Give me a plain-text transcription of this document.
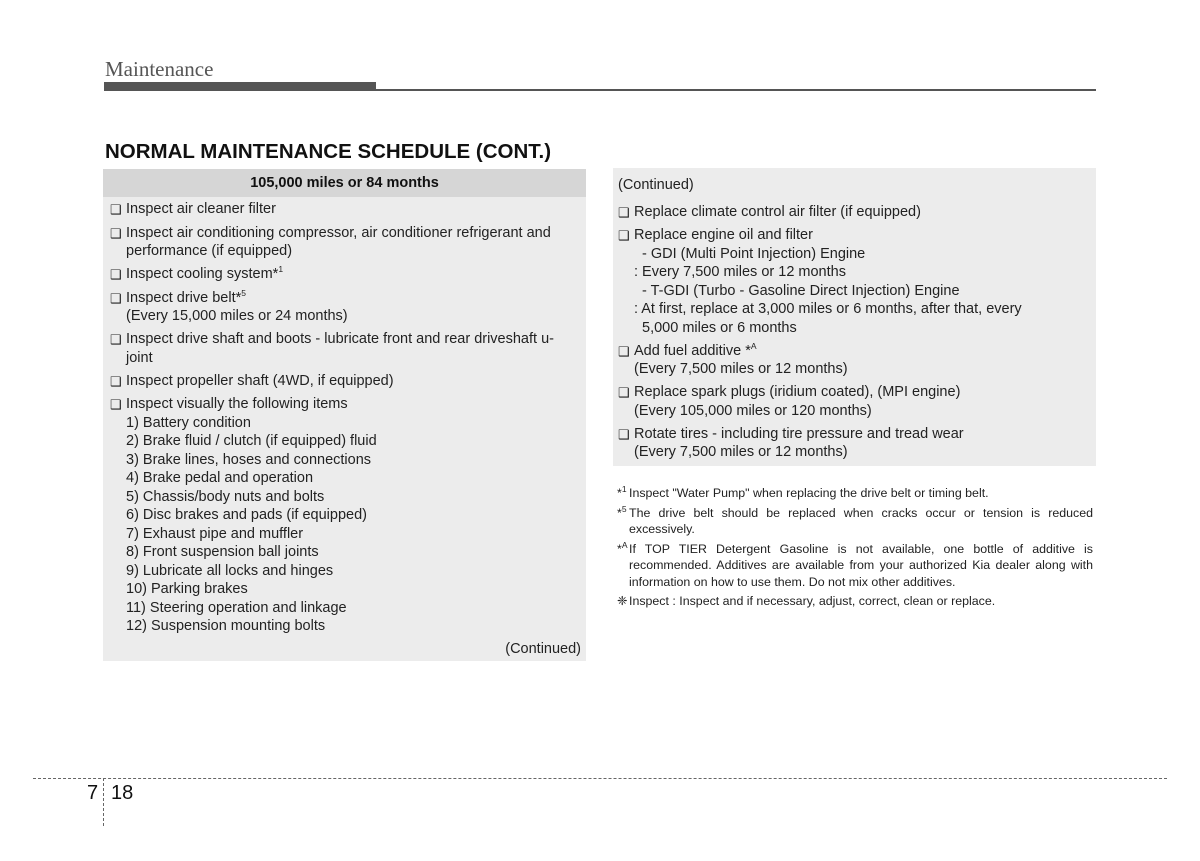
Maintenance
NORMAL MAINTENANCE SCHEDULE (CONT.)
105,000 miles or 84 months
❑ Inspect air cleaner filter
❑ Inspect air conditioning compressor, air conditioner refrigerant and performance (if equipped)
❑ Inspect cooling system*$^1$
❑ Inspect drive belt*$^5$
(Every 15,000 miles or 24 months)
❑ Inspect drive shaft and boots - lubricate front and rear driveshaft u-joint
❑ Inspect propeller shaft (4WD, if equipped)
❑ Inspect visually the following items
1) Battery condition
2) Brake fluid / clutch (if equipped) fluid
3) Brake lines, hoses and connections
4) Brake pedal and operation
5) Chassis/body nuts and bolts
6) Disc brakes and pads (if equipped)
7) Exhaust pipe and muffler
8) Front suspension ball joints
9) Lubricate all locks and hinges
10) Parking brakes
11) Steering operation and linkage
12) Suspension mounting bolts
(Continued)
(Continued)
❑ Replace climate control air filter (if equipped)
❑ Replace engine oil and filter
- GDI (Multi Point Injection) Engine
: Every 7,500 miles or 12 months
- T-GDI (Turbo - Gasoline Direct Injection) Engine
: At first, replace at 3,000 miles or 6 months, after that, every
5,000 miles or 6 months
❑ Add fuel additive *$^A$
(Every 7,500 miles or 12 months)
❑ Replace spark plugs (iridium coated), (MPI engine)
(Every 105,000 miles or 120 months)
❑ Rotate tires - including tire pressure and tread wear
(Every 7,500 miles or 12 months)
*$^1$ Inspect "Water Pump" when replacing the drive belt or timing belt.
*$^5$ The drive belt should be replaced when cracks occur or tension is reduced excessively.
*$^A$ If TOP TIER Detergent Gasoline is not available, one bottle of additive is recommended. Additives are available from your authorized Kia dealer along with information on how to use them. Do not mix other additives.
❈ Inspect : Inspect and if necessary, adjust, correct, clean or replace.
7 18
